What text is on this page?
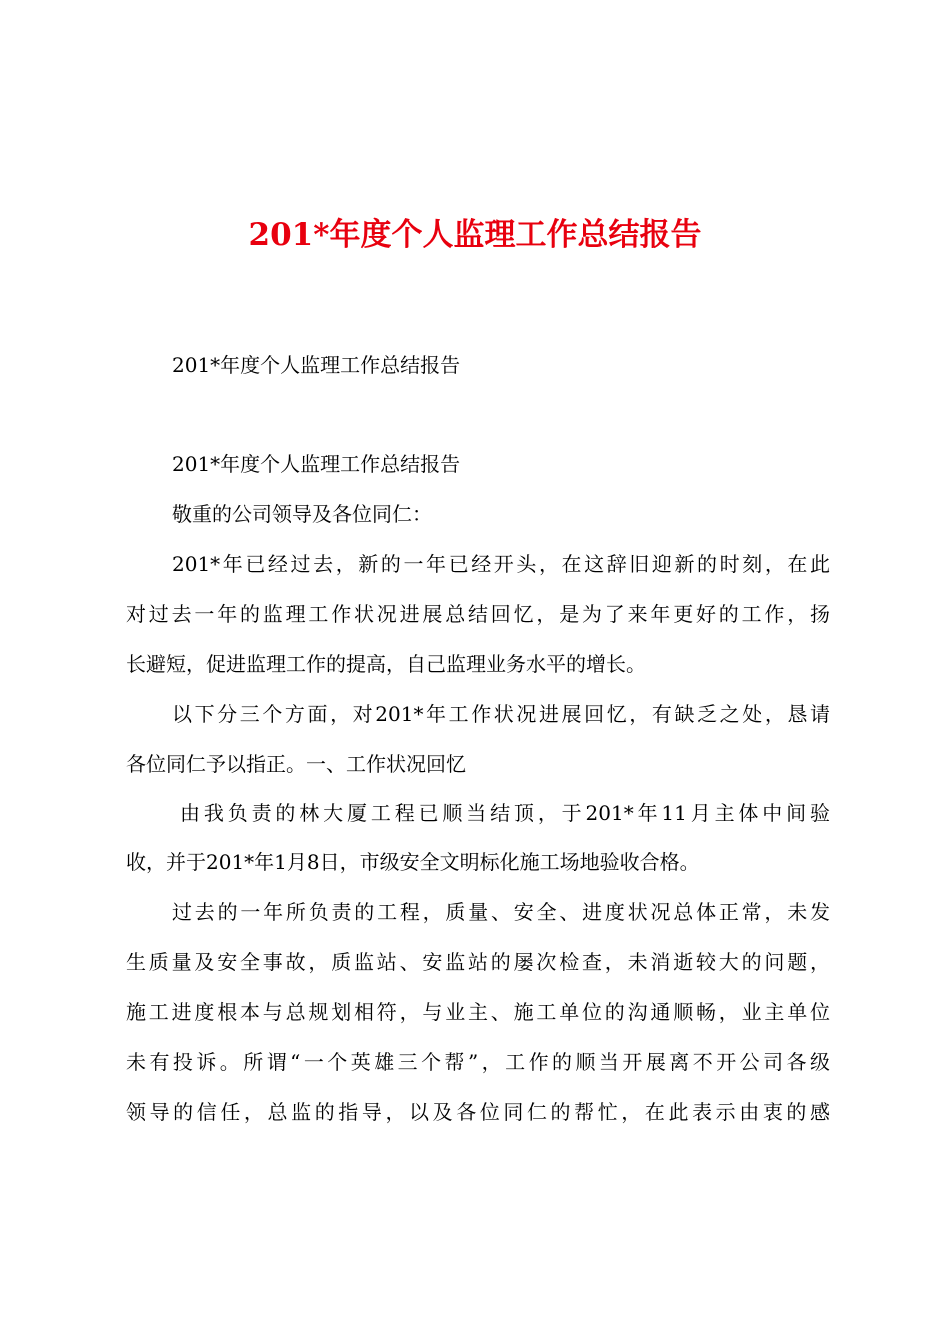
201*年度个人监理工作总结报告
201*年度个人监理工作总结报告
201*年度个人监理工作总结报告
敬重的公司领导及各位同仁：
201*年已经过去，新的一年已经开头，在这辞旧迎新的时刻，在此
对过去一年的监理工作状况进展总结回忆，是为了来年更好的工作，扬
长避短，促进监理工作的提高，自己监理业务水平的增长。
以下分三个方面，对201*年工作状况进展回忆，有缺乏之处，恳请
各位同仁予以指正。一、工作状况回忆
由我负责的林大厦工程已顺当结顶，于201*年11月主体中间验
收，并于201*年1月8日，市级安全文明标化施工场地验收合格。
过去的一年所负责的工程，质量、安全、进度状况总体正常，未发
生质量及安全事故，质监站、安监站的屡次检查，未消逝较大的问题，
施工进度根本与总规划相符，与业主、施工单位的沟通顺畅，业主单位
未有投诉。所谓“一个英雄三个帮”，工作的顺当开展离不开公司各级
领导的信任，总监的指导，以及各位同仁的帮忙，在此表示由衷的感
